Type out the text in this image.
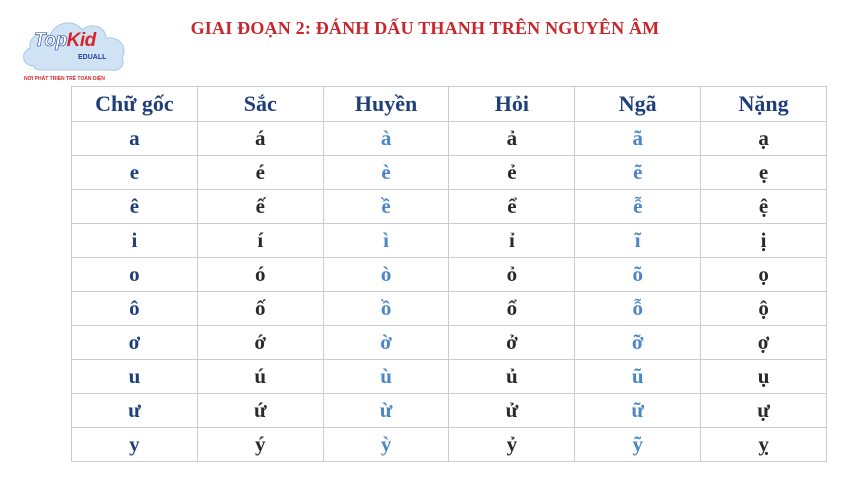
TopKid
EDUALL
NƠI PHÁT TRIỂN TRẺ TOÀN DIỆN
GIAI ĐOẠN 2: ĐÁNH DẤU THANH TRÊN NGUYÊN ÂM
Chữ gốc	Sắc	Huyền	Hỏi	Ngã	Nặng
a	á	à	ả	ã	ạ
e	é	è	ẻ	ẽ	ẹ
ê	ế	ề	ể	ễ	ệ
i	í	ì	ỉ	ĩ	ị
o	ó	ò	ỏ	õ	ọ
ô	ố	ồ	ổ	ỗ	ộ
ơ	ớ	ờ	ở	ỡ	ợ
u	ú	ù	ủ	ũ	ụ
ư	ứ	ừ	ử	ữ	ự
y	ý	ỳ	ỷ	ỹ	ỵ
